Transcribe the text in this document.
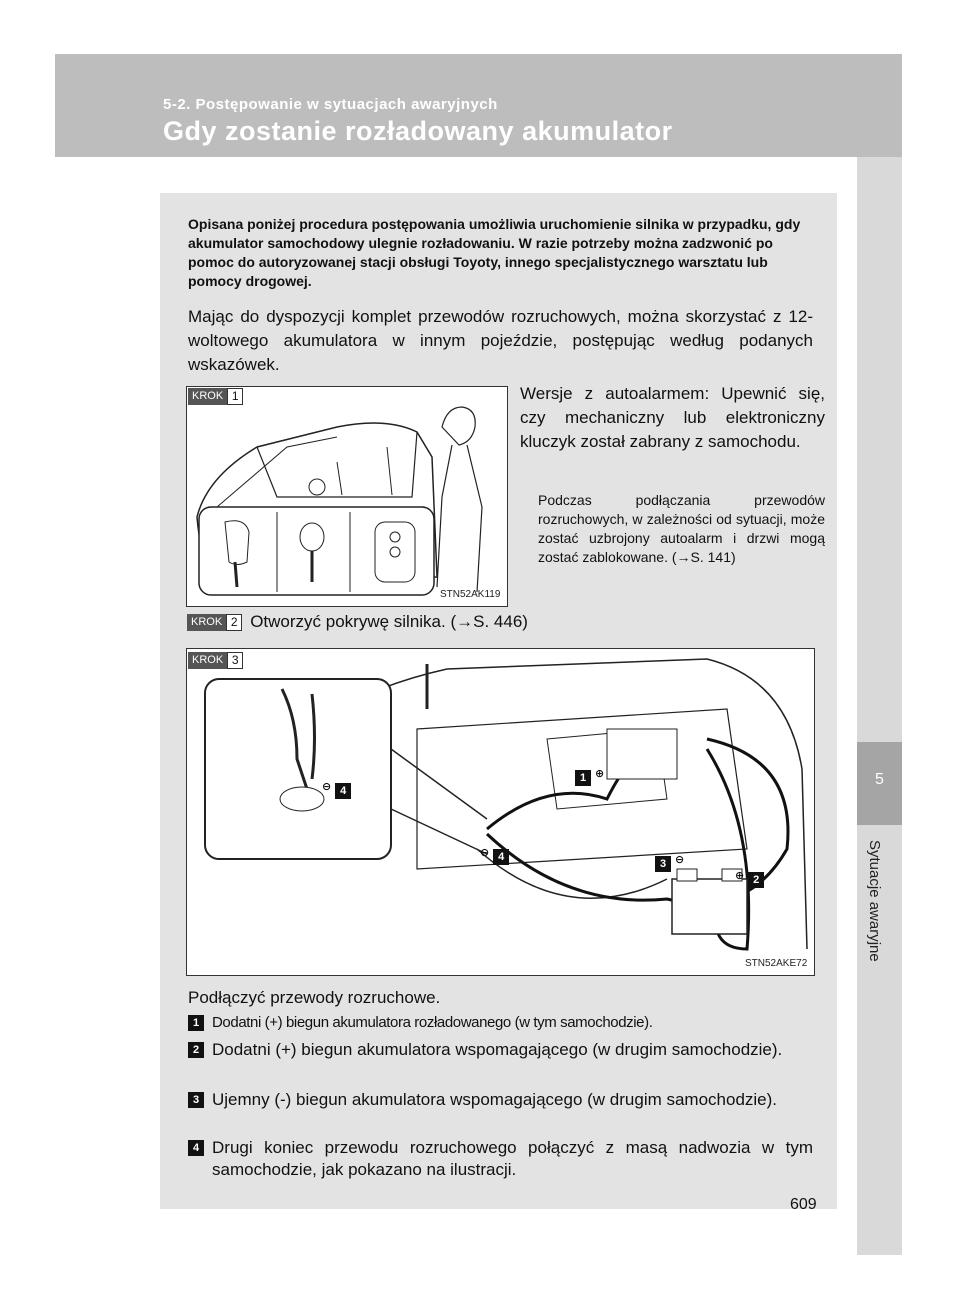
5-2. Postępowanie w sytuacjach awaryjnych
Gdy zostanie rozładowany akumulator
5
Sytuacje awaryjne
Opisana poniżej procedura postępowania umożliwia uruchomienie silnika w przypadku, gdy akumulator samochodowy ulegnie rozładowaniu. W razie potrzeby można zadzwonić po pomoc do autoryzowanej stacji obsługi Toyoty, innego specjalistycznego warsztatu lub pomocy drogowej.
Mając do dyspozycji komplet przewodów rozruchowych, można skorzystać z 12-woltowego akumulatora w innym pojeździe, postępując według podanych wskazówek.
KROK 1
STN52AK119
Wersje z autoalarmem: Upewnić się, czy mechaniczny lub elektroniczny kluczyk został zabrany z samochodu.
Podczas podłączania przewodów rozruchowych, w zależności od sytuacji, może zostać uzbrojony autoalarm i drzwi mogą zostać zablokowane. (→S. 141)
KROK 2 Otworzyć pokrywę silnika. (→S. 446)
KROK 3
1 ⊕
⊕ 2
3 ⊖
⊖ 4
⊖ 4
STN52AKE72
Podłączyć przewody rozruchowe.
1 Dodatni (+) biegun akumulatora rozładowanego (w tym samochodzie).
2 Dodatni (+) biegun akumulatora wspomagającego (w drugim samochodzie).
3 Ujemny (-) biegun akumulatora wspomagającego (w drugim samochodzie).
4 Drugi koniec przewodu rozruchowego połączyć z masą nadwozia w tym samochodzie, jak pokazano na ilustracji.
609
